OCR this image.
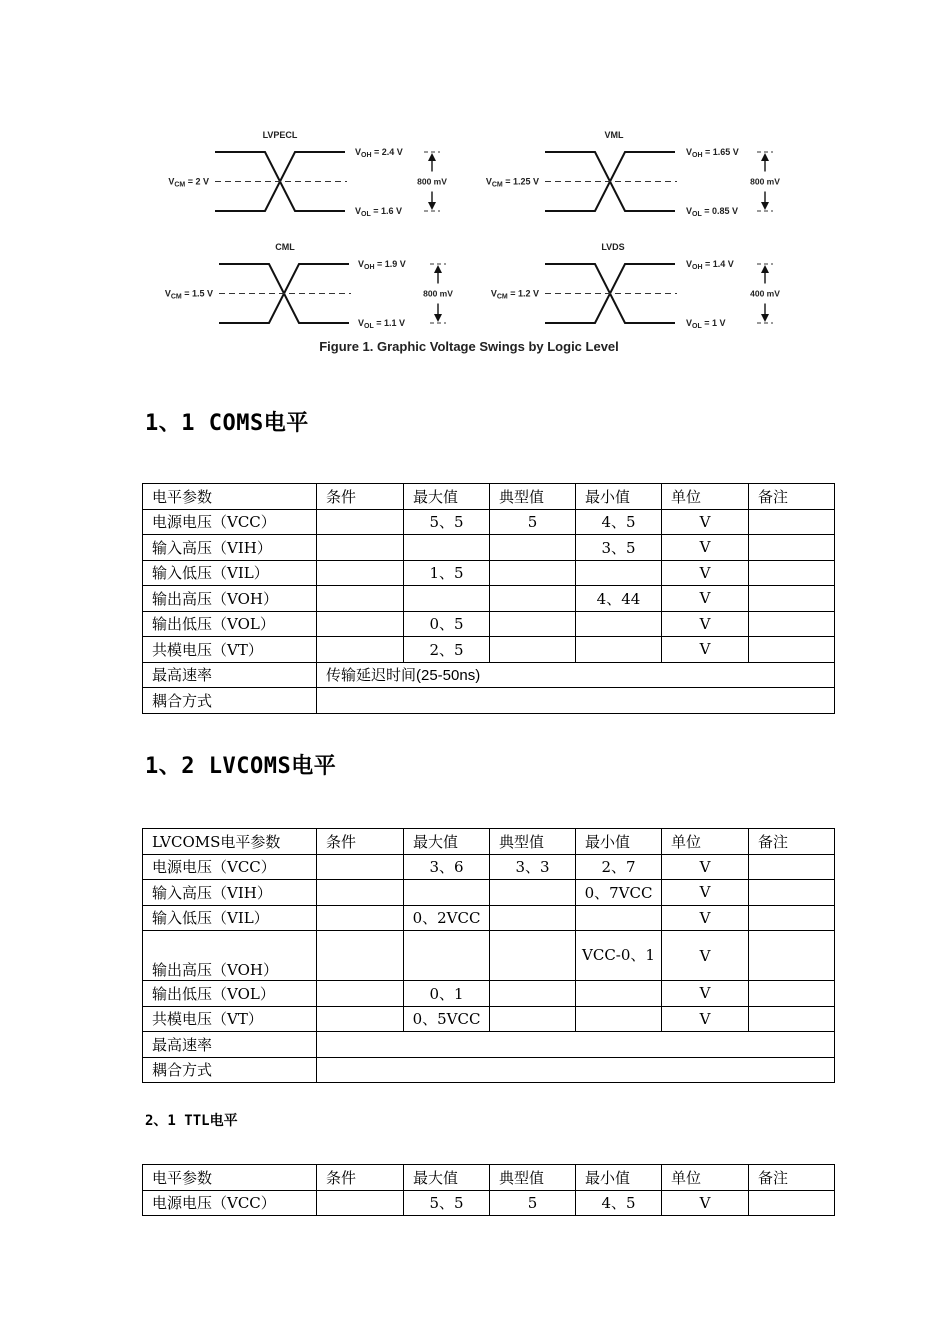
LVPECL
$V_{CM} = 2$ V
$V_{OH} = 2.4$ V
$V_{OL} = 1.6$ V
800 mV
VML
$V_{CM} = 1.25$ V
$V_{OH} = 1.65$ V
$V_{OL} = 0.85$ V
800 mV
CML
$V_{CM} = 1.5$ V
$V_{OH} = 1.9$ V
$V_{OL} = 1.1$ V
800 mV
LVDS
$V_{CM} = 1.2$ V
$V_{OH} = 1.4$ V
$V_{OL} = 1$ V
400 mV
Figure 1. Graphic Voltage Swings by Logic Level
1、1 COMS电平
电平参数	条件	最大值	典型值	最小值	单位	备注
电源电压（VCC）		5、5	5	4、5	V	
输入高压（VIH）				3、5	V	
输入低压（VIL）		1、5			V	
输出高压（VOH）				4、44	V	
输出低压（VOL）		0、5			V	
共模电压（VT）		2、5			V	
最高速率	传输延迟时间(25-50ns)					
耦合方式						
1、2 LVCOMS电平
LVCOMS电平参数	条件	最大值	典型值	最小值	单位	备注
电源电压（VCC）		3、6	3、3	2、7	V	
输入高压（VIH）				0、7VCC	V	
输入低压（VIL）		0、2VCC			V	
输出高压（VOH）				VCC-0、1	V	
输出低压（VOL）		0、1			V	
共模电压（VT）		0、5VCC			V	
最高速率						
耦合方式						
2、1 TTL电平
电平参数	条件	最大值	典型值	最小值	单位	备注
电源电压（VCC）		5、5	5	4、5	V	
